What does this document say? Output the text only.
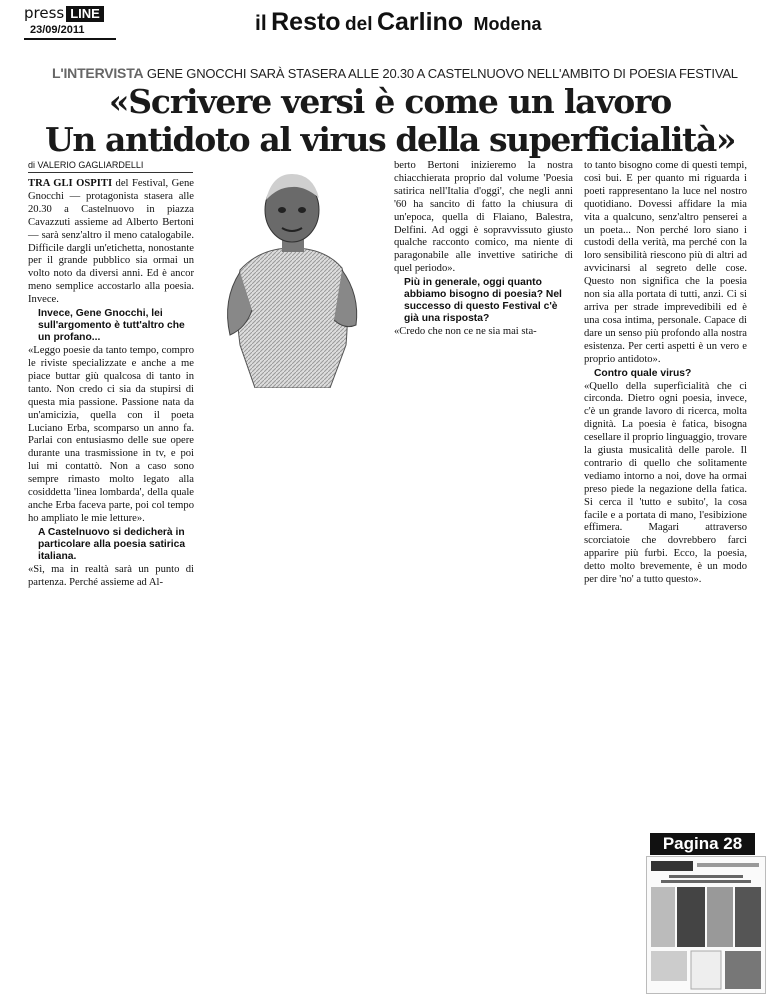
press LINE
23/09/2011	il Resto del Carlino Modena
L'INTERVISTA GENE GNOCCHI SARÀ STASERA ALLE 20.30 A CASTELNUOVO NELL'AMBITO DI POESIA FESTIVAL
«Scrivere versi è come un lavoro
Un antidoto al virus della superficialità»
di VALERIO GAGLIARDELLI

TRA GLI OSPITI del Festival, Gene Gnocchi — protagonista stasera alle 20.30 a Castelnuovo in piazza Cavazzuti assieme ad Alberto Bertoni — sarà senz'altro il meno catalogabile. Difficile dargli un'etichetta, nonostante per il grande pubblico sia ormai un volto noto da diversi anni. Ed è ancor meno semplice accostarlo alla poesia. Invece.

Invece, Gene Gnocchi, lei sull'argomento è tutt'altro che un profano...

«Leggo poesie da tanto tempo, compro le riviste specializzate e anche a me piace buttar giù qualcosa di tanto in tanto. Non credo ci sia da stupirsi di questa mia passione. Passione nata da un'amicizia, quella con il poeta Luciano Erba, scomparso un anno fa. Parlai con entusiasmo delle sue opere durante una trasmissione in tv, e poi lui mi contattò. Non a caso sono sempre rimasto molto legato alla cosiddetta 'linea lombarda', della quale anche Erba faceva parte, poi col tempo ho ampliato le mie letture».

A Castelnuovo si dedicherà in particolare alla poesia satirica italiana.

«Sì, ma in realtà sarà un punto di partenza. Perché assieme ad Al-

berto Bertoni inizieremo la nostra chiacchierata proprio dal volume 'Poesia satirica nell'Italia d'oggi', che negli anni '60 ha sancito di fatto la chiusura di un'epoca, quella di Flaiano, Balestra, Delfini. Ad oggi è sopravvissuto giusto qualche racconto comico, ma niente di paragonabile alle invettive satiriche di quel periodo».

Più in generale, oggi quanto abbiamo bisogno di poesia? Nel successo di questo Festival c'è già una risposta?

«Credo che non ce ne sia mai sta-

to tanto bisogno come di questi tempi, così bui. E per quanto mi riguarda i poeti rappresentano la luce nel nostro quotidiano. Dovessi affidare la mia vita a qualcuno, senz'altro penserei a un poeta... Non perché loro siano i custodi della verità, ma perché con la loro sensibilità riescono più di altri ad avvicinarsi al segreto delle cose. Questo non significa che la poesia non sia alla portata di tutti, anzi. Ci si arriva per strade imprevedibili ed è una cosa intima, personale. Capace di dare un senso più profondo alla nostra esistenza. Per certi aspetti è un vero e proprio antidoto».

Contro quale virus?

«Quello della superficialità che ci circonda. Dietro ogni poesia, invece, c'è un grande lavoro di ricerca, molta dignità. La poesia è fatica, bisogna cesellare il proprio linguaggio, trovare la giusta musicalità delle parole. Il contrario di quello che solitamente vediamo intorno a noi, dove ha ormai preso piede la negazione della fatica. Si cerca il 'tutto e subito', la cosa facile e a portata di mano, l'esibizione effimera. Magari attraverso scorciatoie che dovrebbero farci apparire più furbi. Ecco, la poesia, detto molto brevemente, è un modo per dire 'no' a tutto questo».

Pagina 28
